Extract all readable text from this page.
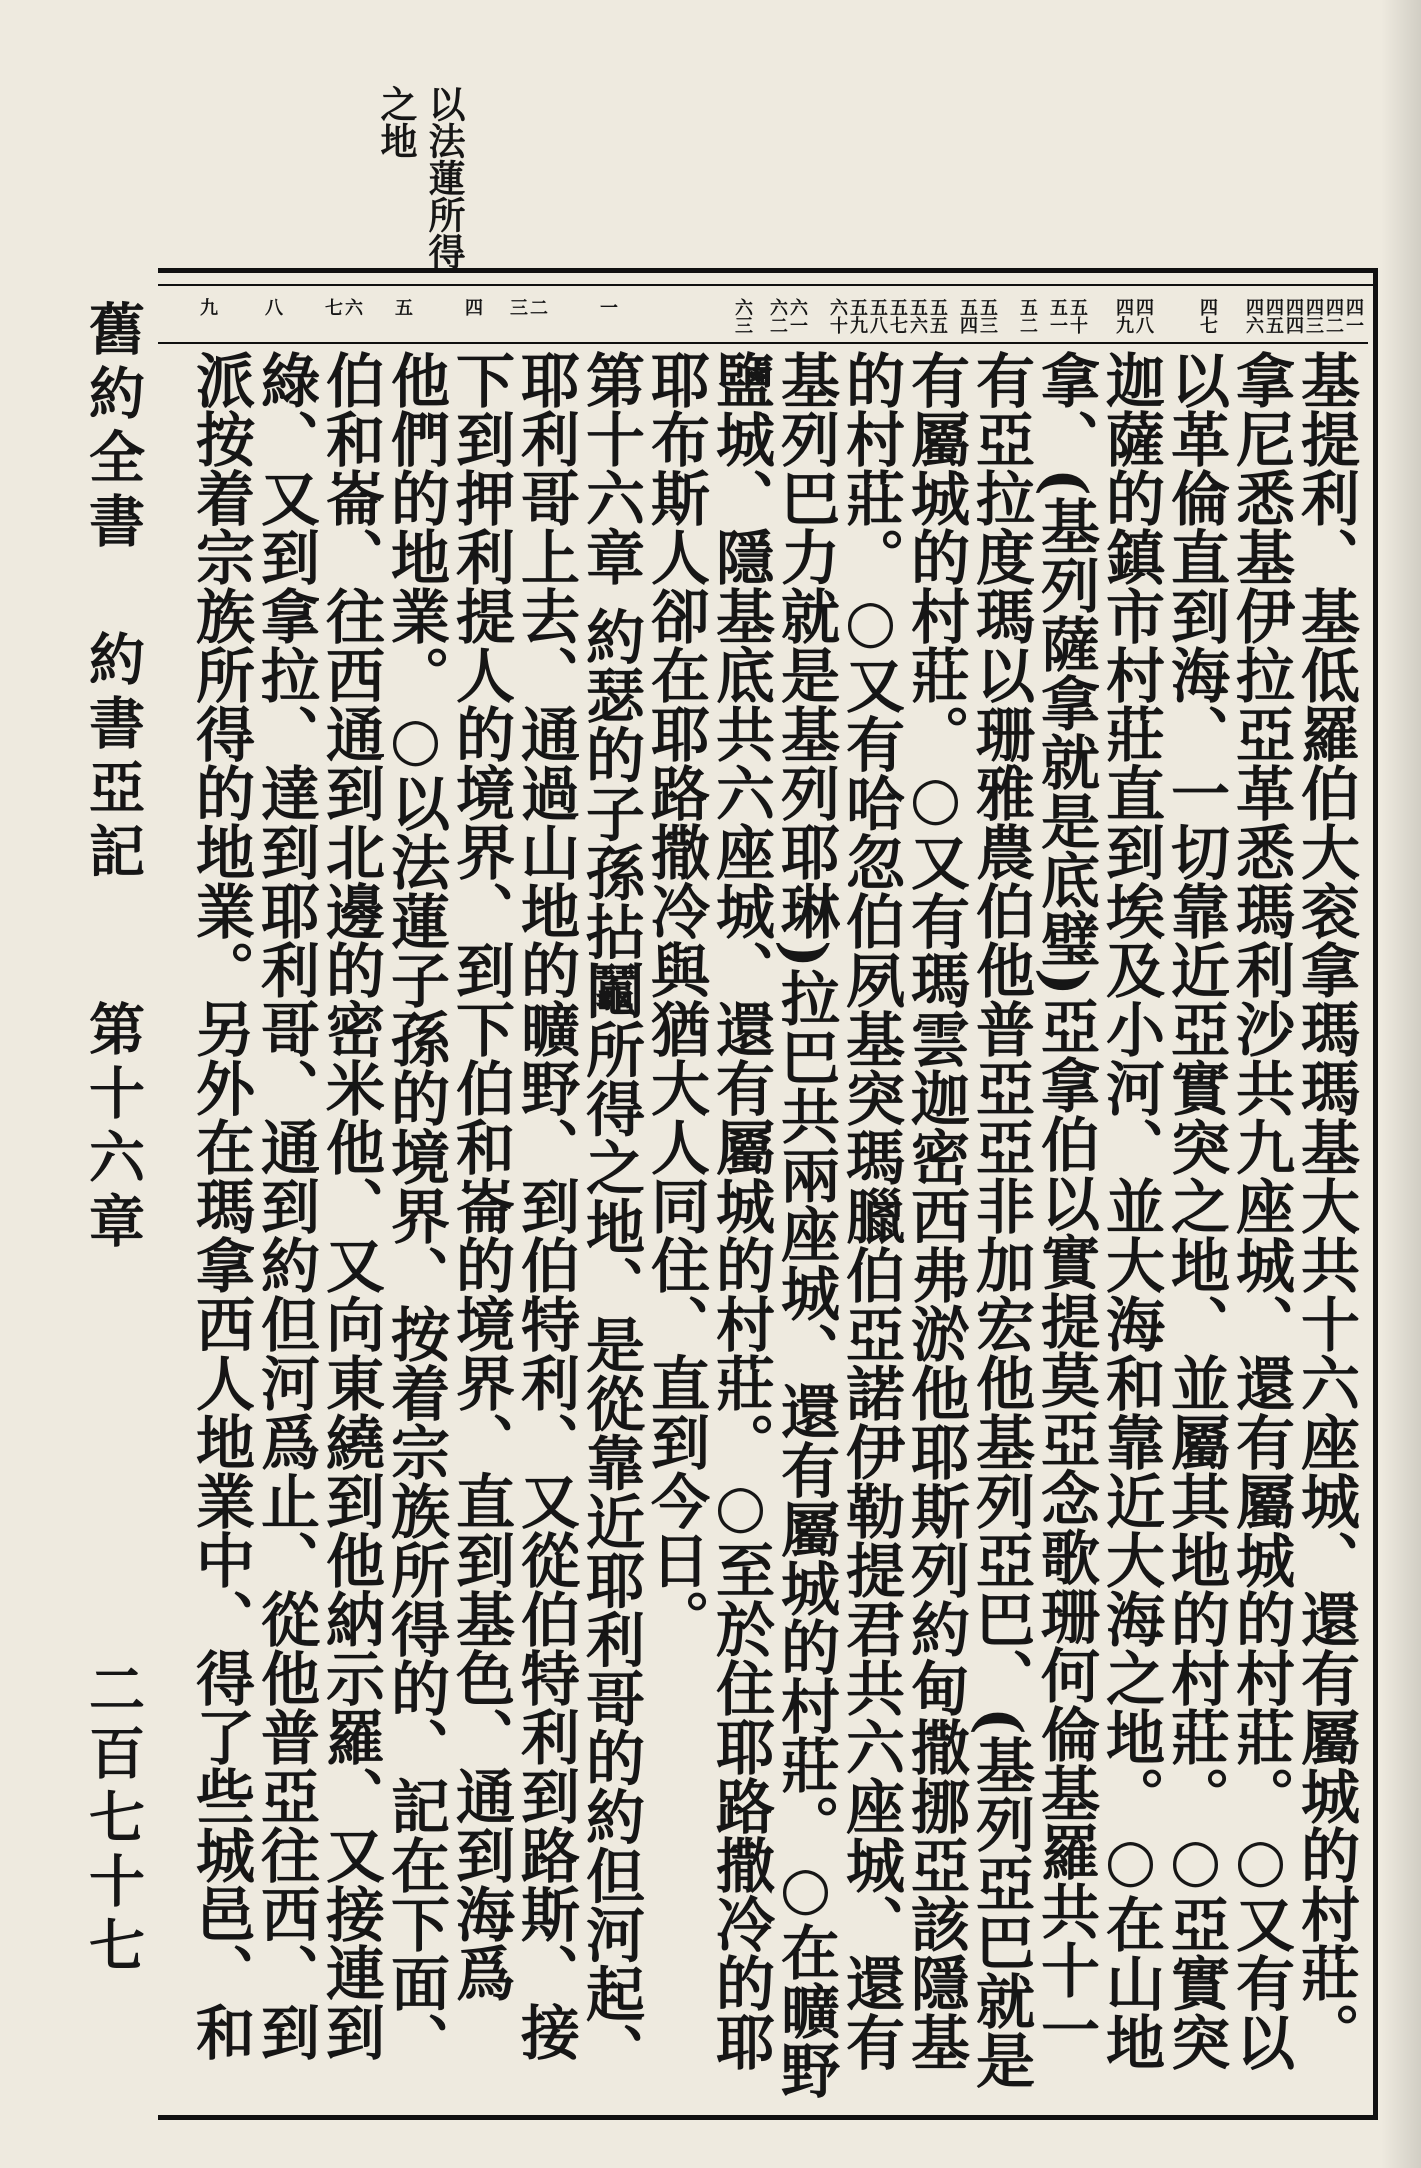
以法蓮所得
之地
四一
四二
四三
四四
四五
四六
四七
四八
四九
五十
五一
五二
五三
五四
五五
五六
五七
五八
五九
六十
六一
六二
六三
一
二
三
四
五
六
七
八
九
基提利、基低羅伯大衮拿瑪瑪基大共十六座城、還有屬城的村莊。
拿尼悉基伊拉亞革悉瑪利沙共九座城、還有屬城的村莊。○又有以
以革倫直到海、一切靠近亞實突之地、並屬其地的村莊。○亞實突
迦薩的鎮市村莊直到埃及小河、並大海和靠近大海之地。○在山地
拿、(基列薩拿就是底璧)亞拿伯以實提莫亞念歌珊何倫基羅共十一
有亞拉度瑪以珊雅農伯他普亞亞非加宏他基列亞巴、(基列亞巴就是
有屬城的村莊。○又有瑪雲迦密西弗淤他耶斯列約甸撒挪亞該隱基
的村莊。○又有哈忽伯夙基突瑪臘伯亞諾伊勒提君共六座城、還有
基列巴力就是基列耶琳)拉巴共兩座城、還有屬城的村莊。○在曠野
鹽城、隱基底共六座城、還有屬城的村莊。○至於住耶路撒冷的耶
耶布斯人卻在耶路撒冷與猶大人同住、直到今日。
第十六章 約瑟的子孫拈鬮所得之地、是從靠近耶利哥的約但河起、
耶利哥上去、通過山地的曠野、到伯特利、又從伯特利到路斯、接
下到押利提人的境界、到下伯和崙的境界、直到基色、通到海爲
他們的地業。○以法蓮子孫的境界、按着宗族所得的、記在下面、
伯和崙、往西通到北邊的密米他、又向東繞到他納示羅、又接連到
綠、又到拿拉、達到耶利哥、通到約但河爲止、從他普亞往西、到
派按着宗族所得的地業。另外在瑪拿西人地業中、得了些城邑、和
舊約全書
約書亞記
第十六章
二百七十七
